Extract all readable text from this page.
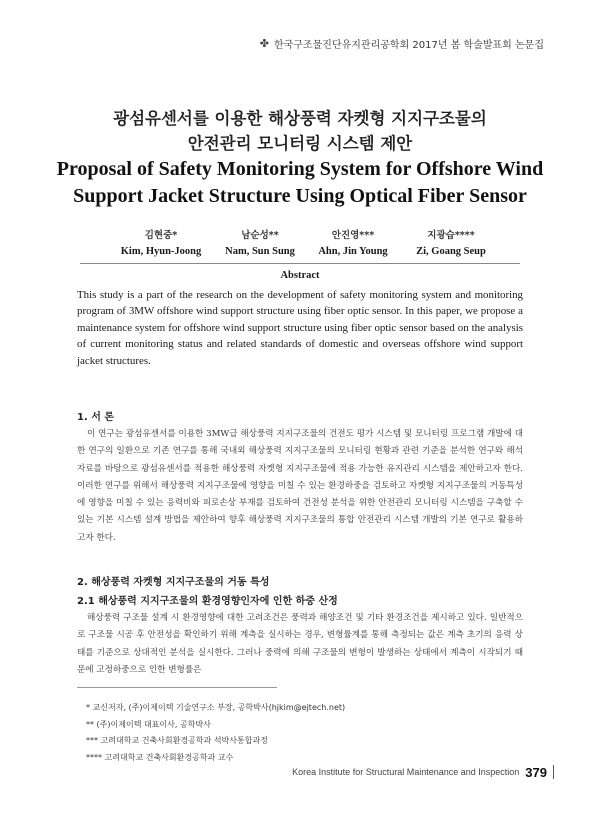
✤ 한국구조물진단유지관리공학회 2017년 봄 학술발표회 논문집
광섬유센서를 이용한 해상풍력 자켓형 지지구조물의
안전관리 모니터링 시스템 제안
Proposal of Safety Monitoring System for Offshore Wind
Support Jacket Structure Using Optical Fiber Sensor
김현중*
Kim, Hyun-Joong
남순성**
Nam, Sun Sung
안진영***
Ahn, Jin Young
지광습****
Zi, Goang Seup
Abstract
This study is a part of the research on the development of safety monitoring system and monitoring program of 3MW offshore wind support structure using fiber optic sensor. In this paper, we propose a maintenance system for offshore wind support structure using fiber optic sensor based on the analysis of current monitoring status and related standards of domestic and overseas offshore wind support jacket structures.
1. 서 론
이 연구는 광섬유센서를 이용한 3MW급 해상풍력 지지구조물의 건전도 평가 시스템 및 모니터링 프로그램 개발에 대한 연구의 일환으로 기존 연구를 통해 국내외 해상풍력 지지구조물의 모니터링 현황과 관련 기준을 분석한 연구와 해석 자료를 바탕으로 광섬유센서를 적용한 해상풍력 자켓형 지지구조물에 적용 가능한 유지관리 시스템을 제안하고자 한다. 이러한 연구를 위해서 해상풍력 지지구조물에 영향을 미칠 수 있는 환경하중을 검토하고 자켓형 지지구조물의 거동특성에 영향을 미칠 수 있는 응력비와 피로손상 부재를 검토하여 건전성 분석을 위한 안전관리 모니터링 시스템을 구축할 수 있는 기본 시스템 설계 방법을 제안하여 향후 해상풍력 지지구조물의 통합 안전관리 시스템 개발의 기본 연구로 활용하고자 한다.
2. 해상풍력 자켓형 지지구조물의 거동 특성
2.1 해상풍력 지지구조물의 환경영향인자에 인한 하중 산정
해상풍력 구조물 설계 시 환경영향에 대한 고려조건은 풍력과 해양조건 및 기타 환경조건을 제시하고 있다. 일반적으로 구조물 시공 후 안전성을 확인하기 위해 계측을 실시하는 경우, 변형률계를 통해 측정되는 값은 계측 초기의 응력 상태를 기준으로 상대적인 분석을 실시한다. 그러나 중력에 의해 구조물의 변형이 발생하는 상태에서 계측이 시작되기 때문에 고정하중으로 인한 변형률은
* 교신저자, (주)이제이텍 기술연구소 부장, 공학박사(hjkim@ejtech.net)
** (주)이제이텍 대표이사, 공학박사
*** 고려대학교 건축사회환경공학과 석박사통합과정
**** 고려대학교 건축사회환경공학과 교수
Korea Institute for Structural Maintenance and Inspection 379
